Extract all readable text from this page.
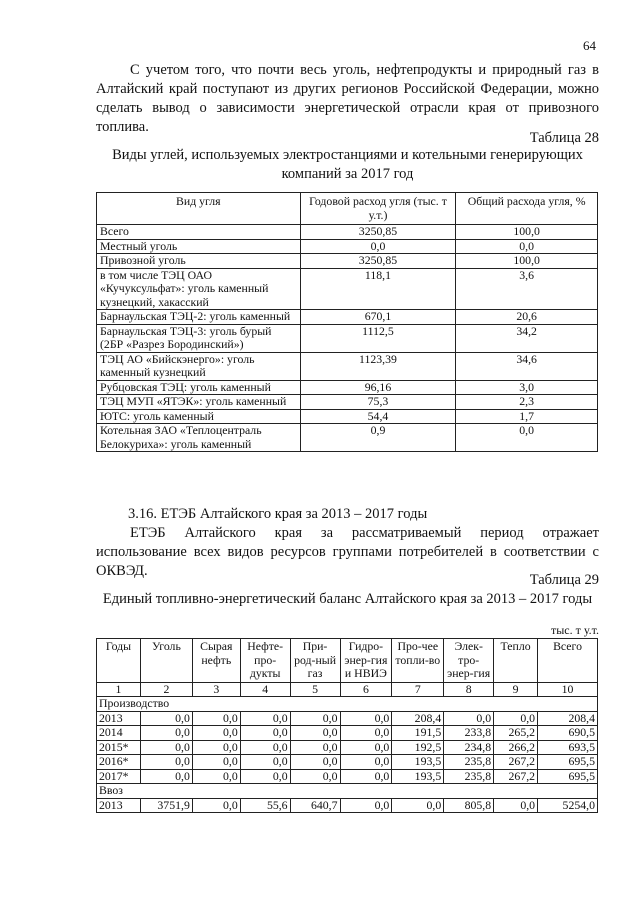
64

С учетом того, что почти весь уголь, нефтепродукты и природный газ в Алтайский край поступают из других регионов Российской Федерации, можно сделать вывод о зависимости энергетической отрасли края от привозного топлива.

Таблица 28
Виды углей, используемых электростанциями и котельными генерирующих компаний за 2017 год
Вид угля	Годовой расход угля (тыс. т у.т.)	Общий расхода угля, %
Всего	3250,85	100,0
Местный уголь	0,0	0,0
Привозной уголь	3250,85	100,0
в том числе ТЭЦ ОАО «Кучуксульфат»: уголь каменный кузнецкий, хакасский	118,1	3,6
Барнаульская ТЭЦ-2: уголь каменный	670,1	20,6
Барнаульская ТЭЦ-3: уголь бурый (2БР «Разрез Бородинский»)	1112,5	34,2
ТЭЦ АО «Бийскэнерго»: уголь каменный кузнецкий	1123,39	34,6
Рубцовская ТЭЦ: уголь каменный	96,16	3,0
ТЭЦ МУП «ЯТЭК»: уголь каменный	75,3	2,3
ЮТС: уголь каменный	54,4	1,7
Котельная ЗАО «Теплоцентраль Белокуриха»: уголь каменный	0,9	0,0
3.16. ЕТЭБ Алтайского края за 2013 – 2017 годы

ЕТЭБ Алтайского края за рассматриваемый период отражает использование всех видов ресурсов группами потребителей в соответствии с ОКВЭД.

Таблица 29
Единый топливно-энергетический баланс Алтайского края за 2013 – 2017 годы
тыс. т у.т.
Годы	Уголь	Сырая нефть	Нефте-про-дукты	При-род-ный газ	Гидро-энер-гия и НВИЭ	Про-чее топли-во	Элек-тро-энер-гия	Тепло	Всего
1	2	3	4	5	6	7	8	9	10
Производство									
2013	0,0	0,0	0,0	0,0	0,0	208,4	0,0	0,0	208,4
2014	0,0	0,0	0,0	0,0	0,0	191,5	233,8	265,2	690,5
2015*	0,0	0,0	0,0	0,0	0,0	192,5	234,8	266,2	693,5
2016*	0,0	0,0	0,0	0,0	0,0	193,5	235,8	267,2	695,5
2017*	0,0	0,0	0,0	0,0	0,0	193,5	235,8	267,2	695,5
Ввоз									
2013	3751,9	0,0	55,6	640,7	0,0	0,0	805,8	0,0	5254,0
